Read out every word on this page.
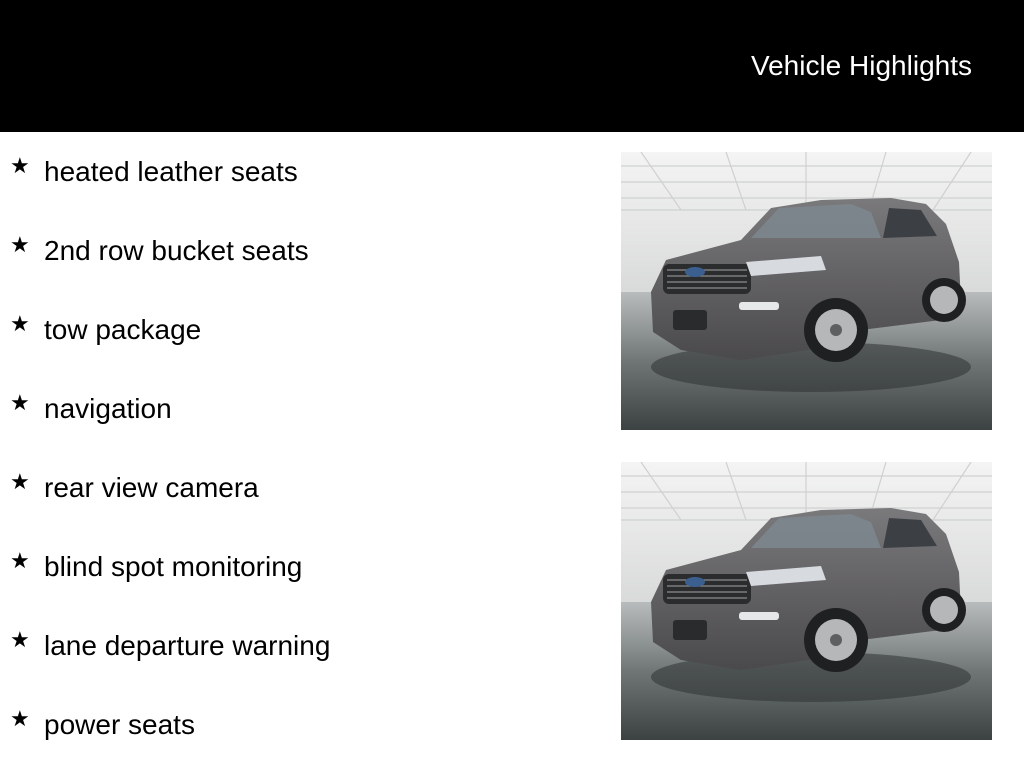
Vehicle Highlights
★ heated leather seats
★ 2nd row bucket seats
★ tow package
★ navigation
★ rear view camera
★ blind spot monitoring
★ lane departure warning
★ power seats
